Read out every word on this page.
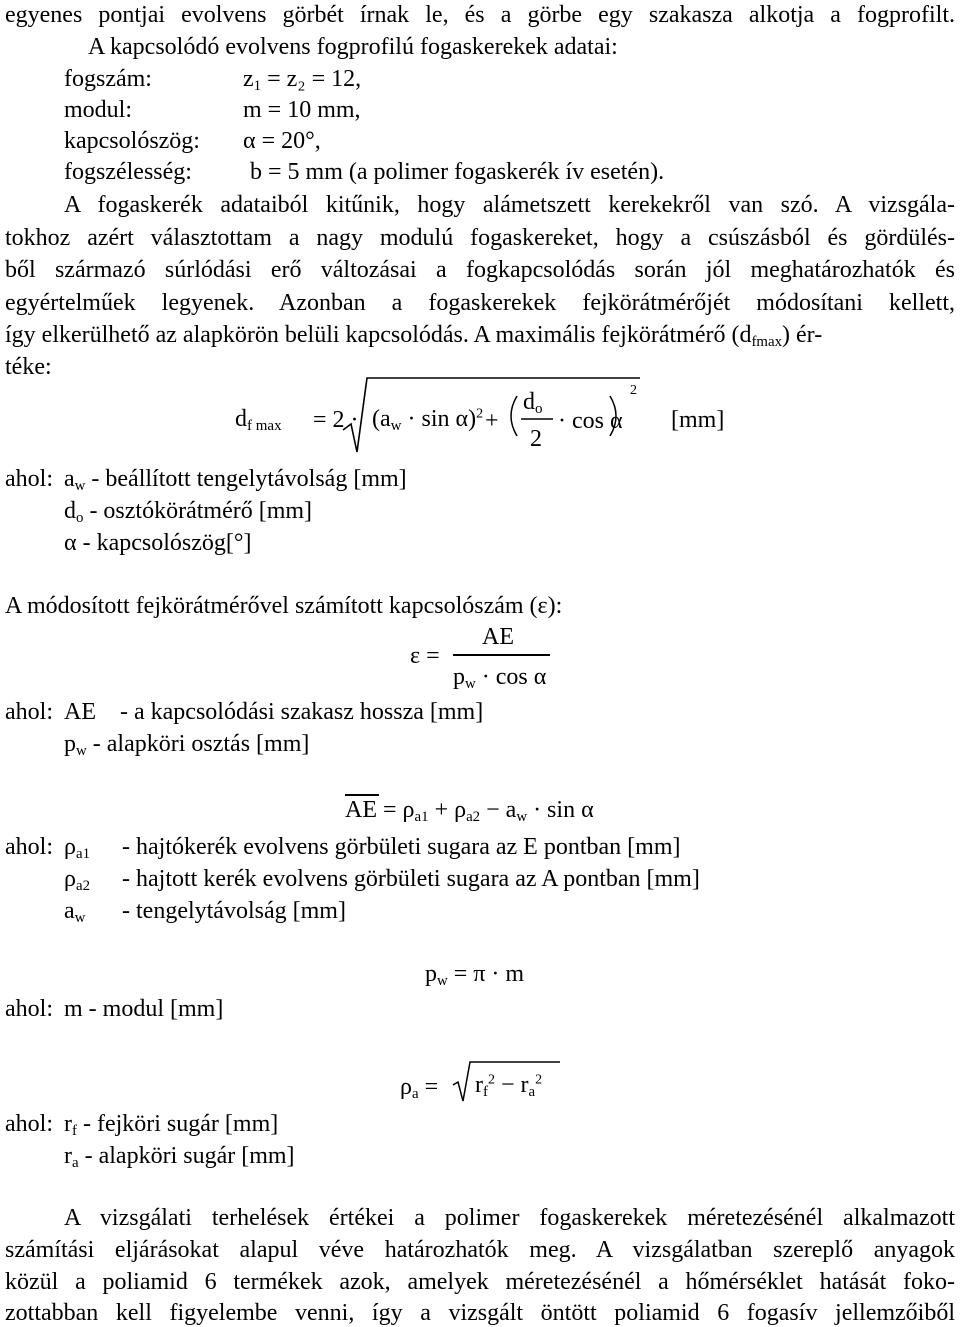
egyenes pontjai evolvens görbét írnak le, és a görbe egy szakasza alkotja a fogprofilt.
A kapcsolódó evolvens fogprofilú fogaskerekek adatai:
fogszám:	$z_1 = z_2 = 12$,
modul:	m = 10 mm,
kapcsolószög: α = 20°,
fogszélesség: b = 5 mm (a polimer fogaskerék ív esetén).
A fogaskerék adataiból kitűnik, hogy alámetszett kerekekről van szó. A vizsgála-
tokhoz azért választottam a nagy modulú fogaskereket, hogy a csúszásból és gördülés-
ből származó súrlódási erő változásai a fogkapcsolódás során jól meghatározhatók és
egyértelműek legyenek. Azonban a fogaskerekek fejkörátmérőjét módosítani kellett,
így elkerülhető az alapkörön belüli kapcsolódás. A maximális fejkörátmérő $(d_{fmax})$ ér-
téke:
$d_{f max} = 2 \cdot (a_w \cdot \sin \alpha)^2$ +
$d_o$
2
· cos α
2
[mm]
ahol: $a_w$ - beállított tengelytávolság [mm]
$d_o$ - osztókörátmérő [mm]
α - kapcsolószög[°]
A módosított fejkörátmérővel számított kapcsolószám (ε):
ε =
AE
$p_w \cdot \cos \alpha$
ahol: AE - a kapcsolódási szakasz hossza [mm]
$p_w$ - alapköri osztás [mm]
AE = $\rho_{a1} + \rho_{a2} - a_w \cdot \sin \alpha$
ahol: $\rho_{a1}$ - hajtókerék evolvens görbületi sugara az E pontban [mm]
$\rho_{a2}$ - hajtott kerék evolvens görbületi sugara az A pontban [mm]
$a_w$ - tengelytávolság [mm]
$p_w = \pi \cdot m$
ahol: m - modul [mm]
$\rho_a = r_f^2 - r_a^2$
ahol: $r_f$ - fejköri sugár [mm]
$r_a$ - alapköri sugár [mm]
A vizsgálati terhelések értékei a polimer fogaskerekek méretezésénél alkalmazott
számítási eljárásokat alapul véve határozhatók meg. A vizsgálatban szereplő anyagok
közül a poliamid 6 termékek azok, amelyek méretezésénél a hőmérséklet hatását foko-
zottabban kell figyelembe venni, így a vizsgált öntött poliamid 6 fogasív jellemzőiből
